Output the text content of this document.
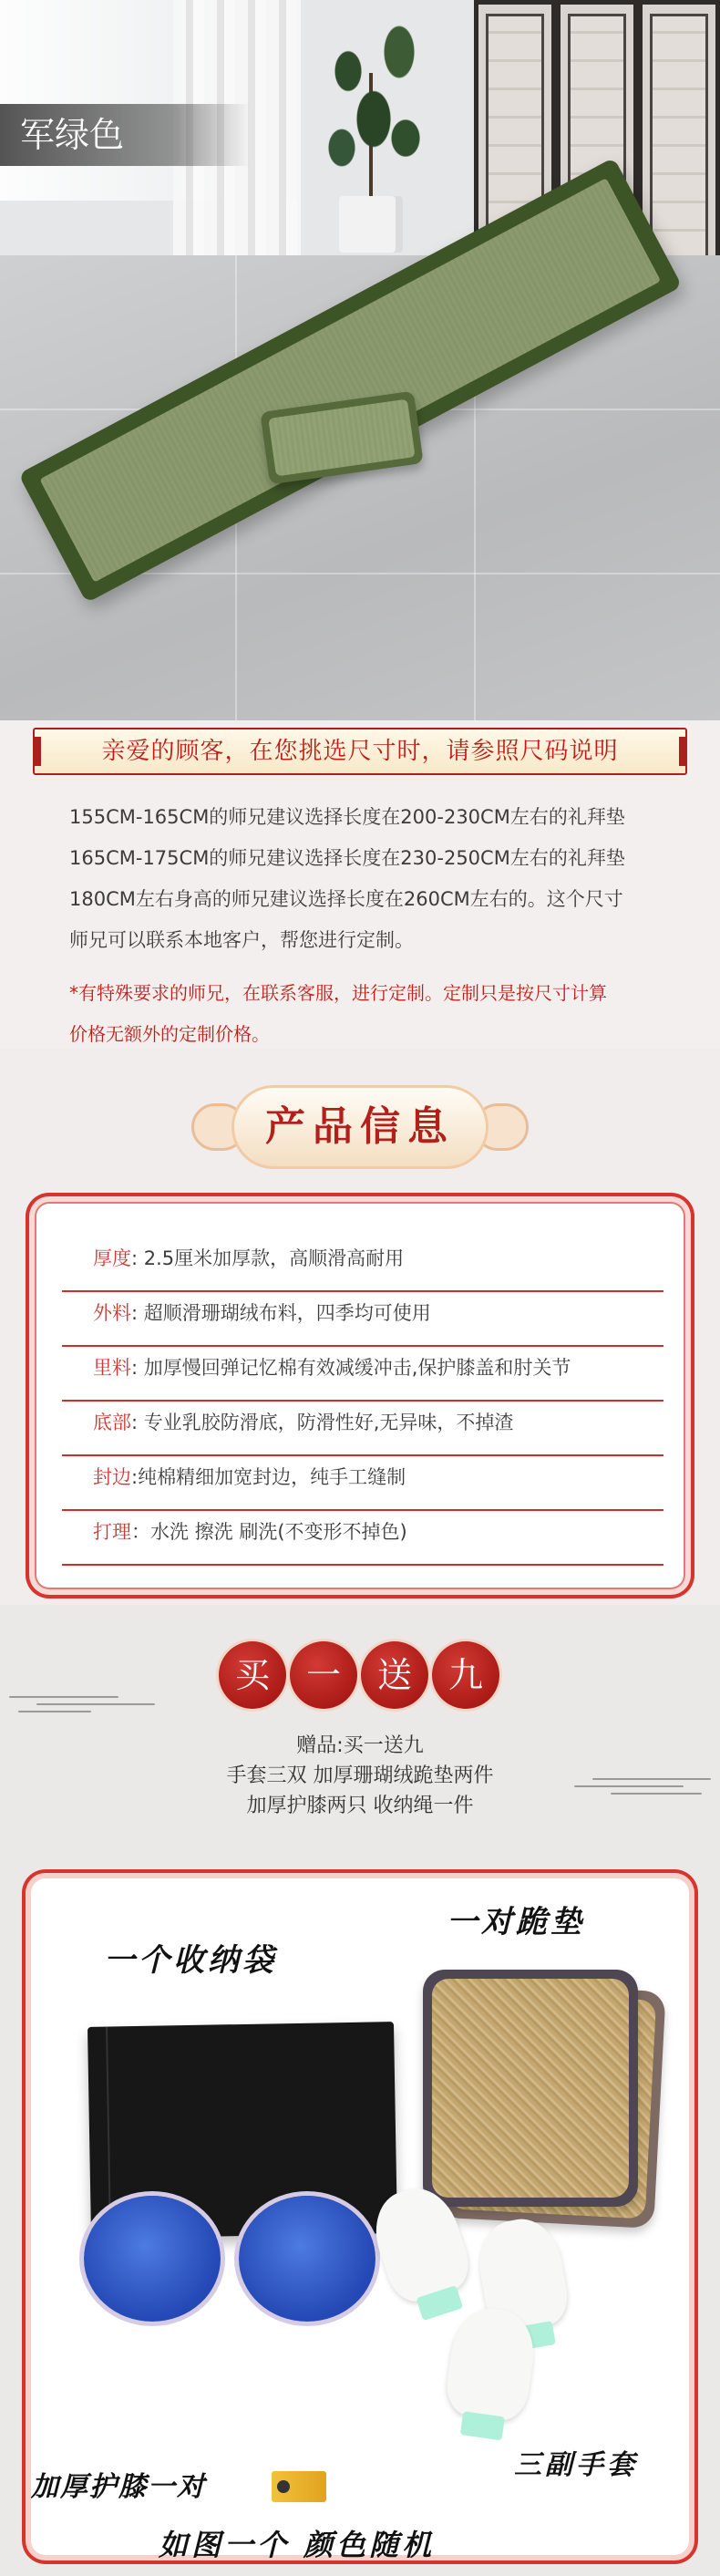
军绿色
亲爱的顾客，在您挑选尺寸时，请参照尺码说明
155CM-165CM的师兄建议选择长度在200-230CM左右的礼拜垫
165CM-175CM的师兄建议选择长度在230-250CM左右的礼拜垫
180CM左右身高的师兄建议选择长度在260CM左右的。这个尺寸
师兄可以联系本地客户，帮您进行定制。
*有特殊要求的师兄，在联系客服，进行定制。定制只是按尺寸计算
价格无额外的定制价格。
产品信息
厚度: 2.5厘米加厚款，高顺滑高耐用
外料: 超顺滑珊瑚绒布料，四季均可使用
里料: 加厚慢回弹记忆棉有效减缓冲击,保护膝盖和肘关节
底部: 专业乳胶防滑底，防滑性好,无异味，不掉渣
封边:纯棉精细加宽封边，纯手工缝制
打理：水洗 擦洗 刷洗(不变形不掉色)
买	一	送	九
赠品:买一送九
手套三双 加厚珊瑚绒跪垫两件
加厚护膝两只 收纳绳一件
一个收纳袋
一对跪垫
加厚护膝一对
三副手套
如图一个 颜色随机
